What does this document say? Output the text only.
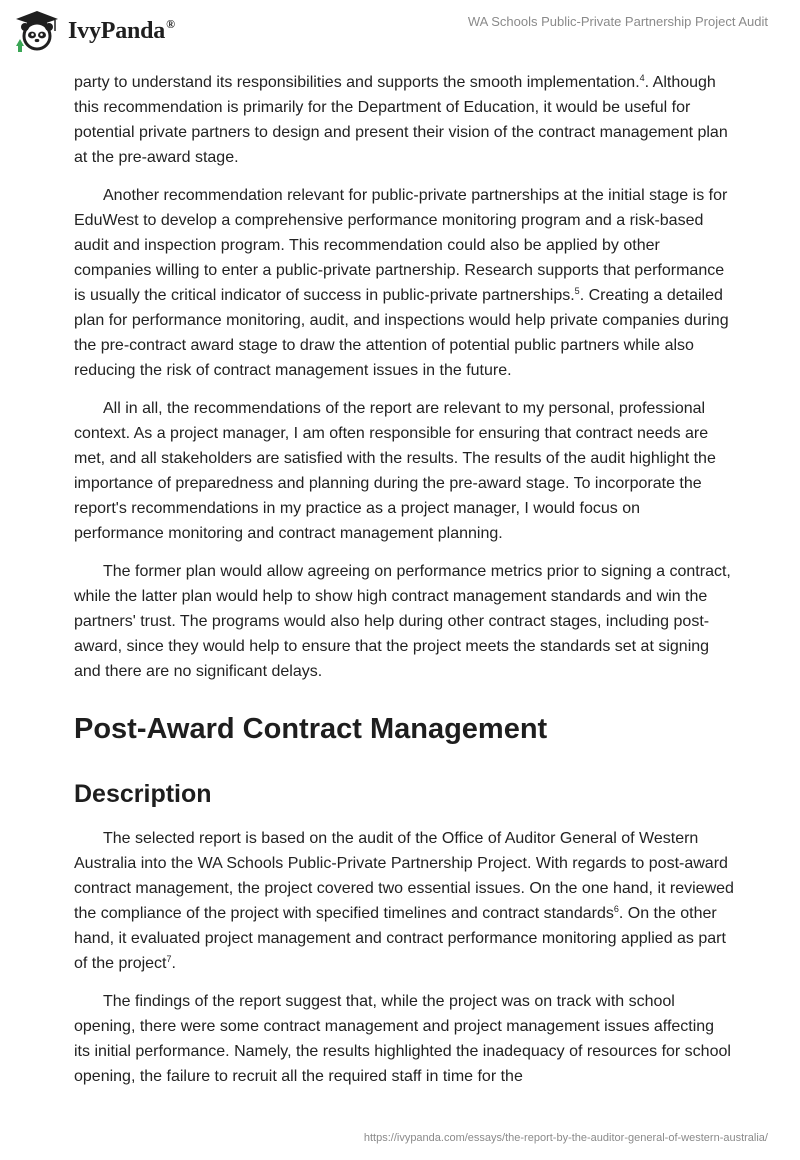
IvyPanda®	WA Schools Public-Private Partnership Project Audit

party to understand its responsibilities and supports the smooth implementation.$^4$. Although this recommendation is primarily for the Department of Education, it would be useful for potential private partners to design and present their vision of the contract management plan at the pre-award stage.

Another recommendation relevant for public-private partnerships at the initial stage is for EduWest to develop a comprehensive performance monitoring program and a risk-based audit and inspection program. This recommendation could also be applied by other companies willing to enter a public-private partnership. Research supports that performance is usually the critical indicator of success in public-private partnerships.$^5$. Creating a detailed plan for performance monitoring, audit, and inspections would help private companies during the pre-contract award stage to draw the attention of potential public partners while also reducing the risk of contract management issues in the future.

All in all, the recommendations of the report are relevant to my personal, professional context. As a project manager, I am often responsible for ensuring that contract needs are met, and all stakeholders are satisfied with the results. The results of the audit highlight the importance of preparedness and planning during the pre-award stage. To incorporate the report's recommendations in my practice as a project manager, I would focus on performance monitoring and contract management planning.

The former plan would allow agreeing on performance metrics prior to signing a contract, while the latter plan would help to show high contract management standards and win the partners' trust. The programs would also help during other contract stages, including post-award, since they would help to ensure that the project meets the standards set at signing and there are no significant delays.

Post-Award Contract Management
Description

The selected report is based on the audit of the Office of Auditor General of Western Australia into the WA Schools Public-Private Partnership Project. With regards to post-award contract management, the project covered two essential issues. On the one hand, it reviewed the compliance of the project with specified timelines and contract standards$^6$. On the other hand, it evaluated project management and contract performance monitoring applied as part of the project$^7$.

The findings of the report suggest that, while the project was on track with school opening, there were some contract management and project management issues affecting its initial performance. Namely, the results highlighted the inadequacy of resources for school opening, the failure to recruit all the required staff in time for the

https://ivypanda.com/essays/the-report-by-the-auditor-general-of-western-australia/
